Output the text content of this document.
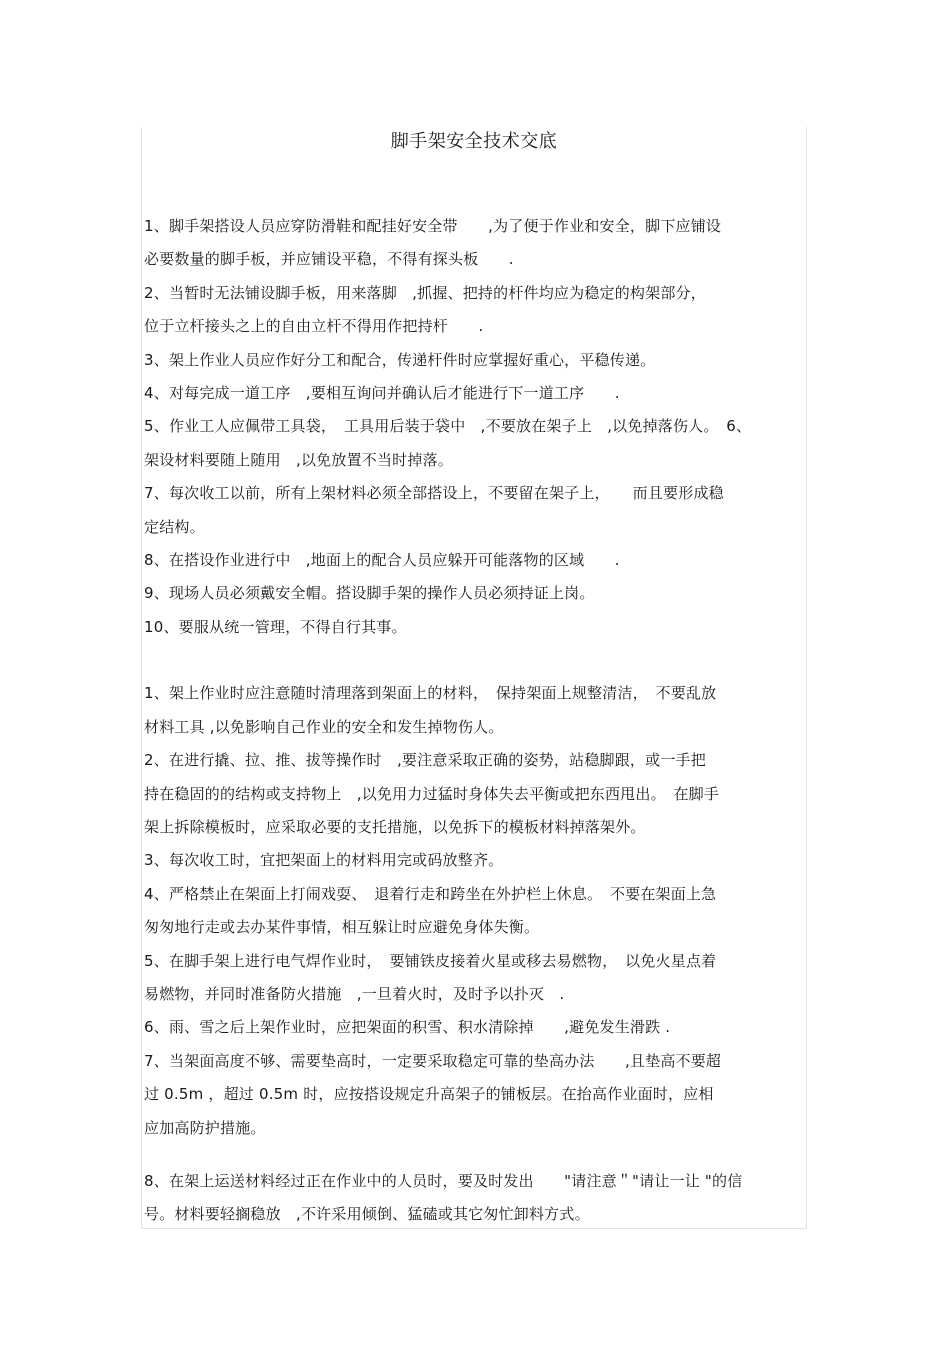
脚手架安全技术交底

1、脚手架搭设人员应穿防滑鞋和配挂好安全带　　,为了便于作业和安全，脚下应铺设

必要数量的脚手板，并应铺设平稳，不得有探头板　　.

2、当暂时无法铺设脚手板，用来落脚　,抓握、把持的杆件均应为稳定的构架部分，

位于立杆接头之上的自由立杆不得用作把持杆　　.

3、架上作业人员应作好分工和配合，传递杆件时应掌握好重心，平稳传递。

4、对每完成一道工序　,要相互询问并确认后才能进行下一道工序　　.

5、作业工人应佩带工具袋，　工具用后装于袋中　,不要放在架子上　,以免掉落伤人。　6、

架设材料要随上随用　,以免放置不当时掉落。

7、每次收工以前，所有上架材料必须全部搭设上，不要留在架子上，　　而且要形成稳

定结构。

8、在搭设作业进行中　,地面上的配合人员应躲开可能落物的区域　　.

9、现场人员必须戴安全帽。搭设脚手架的操作人员必须持证上岗。

10、要服从统一管理，不得自行其事。

1、架上作业时应注意随时清理落到架面上的材料，　保持架面上规整清洁，　不要乱放

材料工具 ,以免影响自己作业的安全和发生掉物伤人。

2、在进行撬、拉、推、拔等操作时　,要注意采取正确的姿势，站稳脚跟，或一手把

持在稳固的的结构或支持物上　,以免用力过猛时身体失去平衡或把东西甩出。　在脚手

架上拆除模板时，应采取必要的支托措施，以免拆下的模板材料掉落架外。

3、每次收工时，宜把架面上的材料用完或码放整齐。

4、严格禁止在架面上打闹戏耍、　退着行走和跨坐在外护栏上休息。　不要在架面上急

匆匆地行走或去办某件事情，相互躲让时应避免身体失衡。

5、在脚手架上进行电气焊作业时，　要铺铁皮接着火星或移去易燃物，　以免火星点着

易燃物，并同时准备防火措施　,一旦着火时，及时予以扑灭　.

6、雨、雪之后上架作业时，应把架面的积雪、积水清除掉　　,避免发生滑跌 .

7、当架面高度不够、需要垫高时，一定要采取稳定可靠的垫高办法　　,且垫高不要超

过 0.5m ，超过 0.5m 时，应按搭设规定升高架子的铺板层。在抬高作业面时，应相

应加高防护措施。

8、在架上运送材料经过正在作业中的人员时，要及时发出　　"请注意＂"请让一让 "的信

号。材料要轻搁稳放　,不许采用倾倒、猛磕或其它匆忙卸料方式。
